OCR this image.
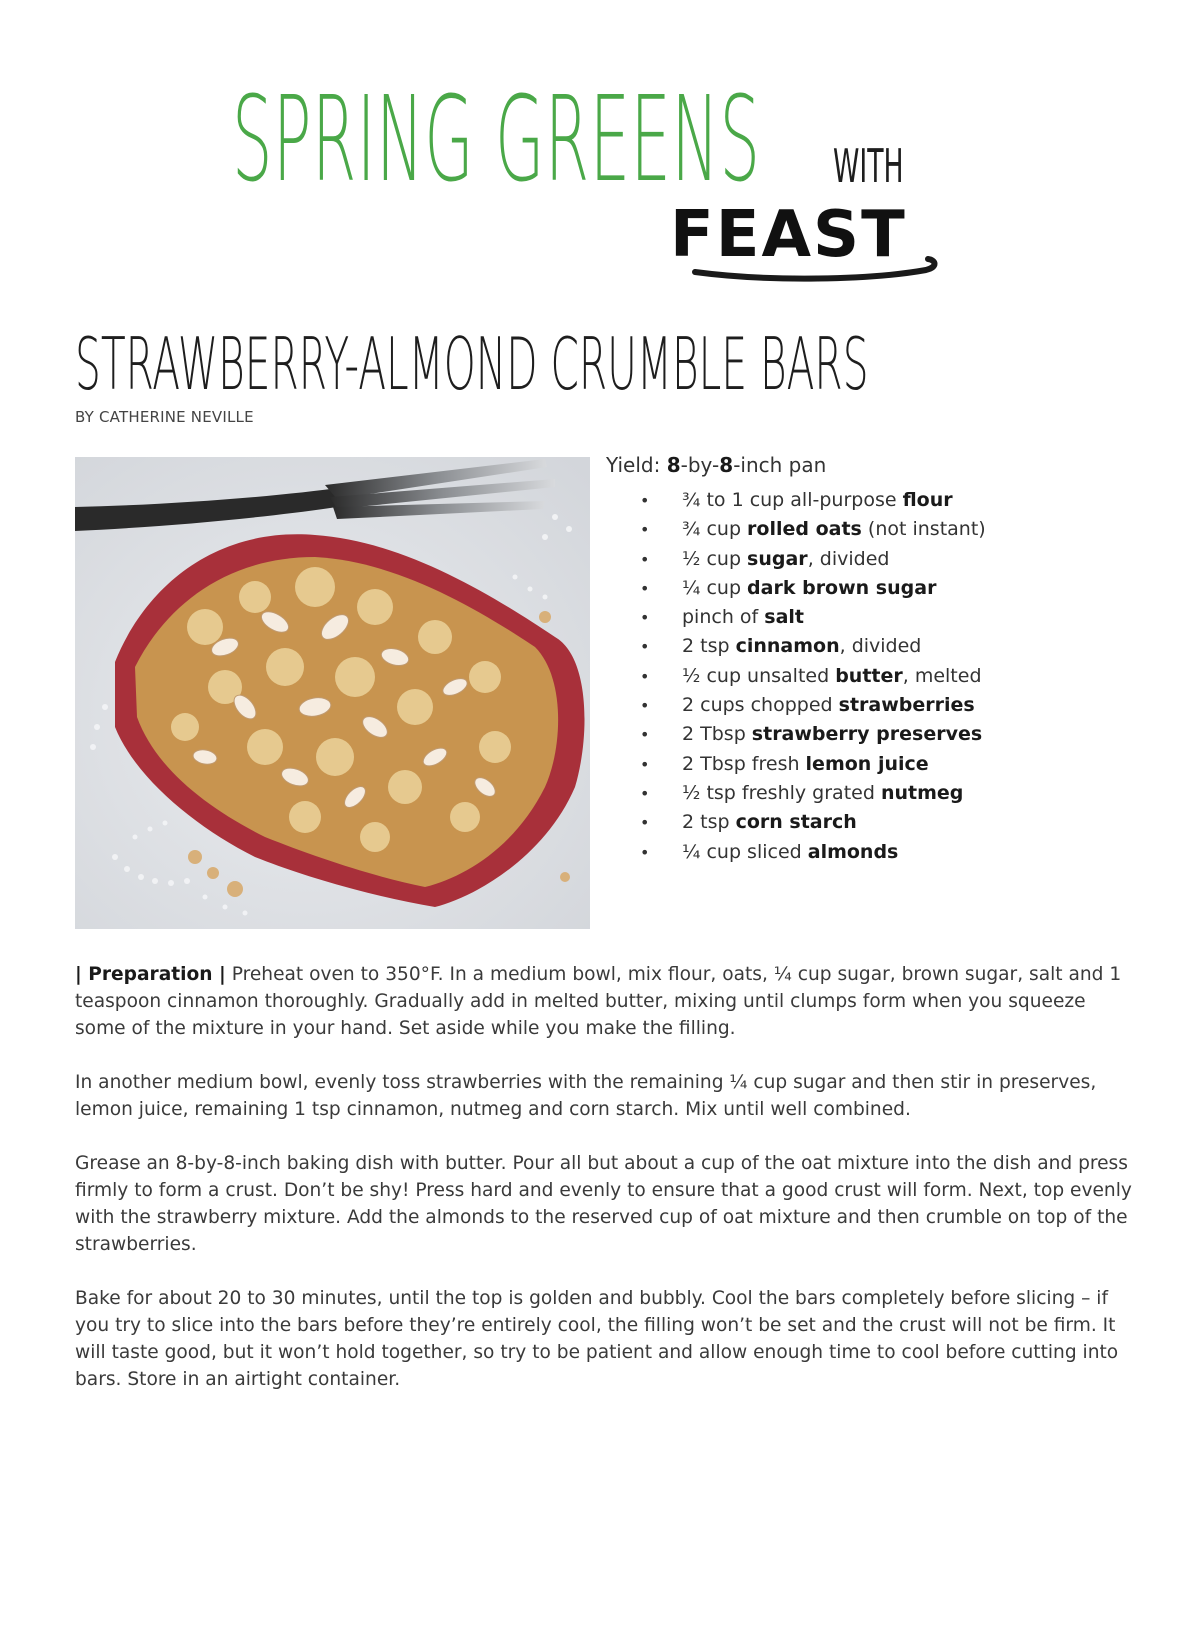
SPRING GREENS WITH
FEAST
STRAWBERRY-ALMOND CRUMBLE BARS
BY CATHERINE NEVILLE
Yield: 8-by-8-inch pan
• ¾ to 1 cup all-purpose flour
• ¾ cup rolled oats (not instant)
• ½ cup sugar, divided
• ¼ cup dark brown sugar
• pinch of salt
• 2 tsp cinnamon, divided
• ½ cup unsalted butter, melted
• 2 cups chopped strawberries
• 2 Tbsp strawberry preserves
• 2 Tbsp fresh lemon juice
• ½ tsp freshly grated nutmeg
• 2 tsp corn starch
• ¼ cup sliced almonds

| Preparation | Preheat oven to 350°F. In a medium bowl, mix flour, oats, ¼ cup sugar, brown sugar, salt and 1 teaspoon cinnamon thoroughly. Gradually add in melted butter, mixing until clumps form when you squeeze some of the mixture in your hand. Set aside while you make the filling.

In another medium bowl, evenly toss strawberries with the remaining ¼ cup sugar and then stir in preserves, lemon juice, remaining 1 tsp cinnamon, nutmeg and corn starch. Mix until well combined.

Grease an 8-by-8-inch baking dish with butter. Pour all but about a cup of the oat mixture into the dish and press firmly to form a crust. Don’t be shy! Press hard and evenly to ensure that a good crust will form. Next, top evenly with the strawberry mixture. Add the almonds to the reserved cup of oat mixture and then crumble on top of the strawberries.

Bake for about 20 to 30 minutes, until the top is golden and bubbly. Cool the bars completely before slicing – if you try to slice into the bars before they’re entirely cool, the filling won’t be set and the crust will not be firm. It will taste good, but it won’t hold together, so try to be patient and allow enough time to cool before cutting into bars. Store in an airtight container.
